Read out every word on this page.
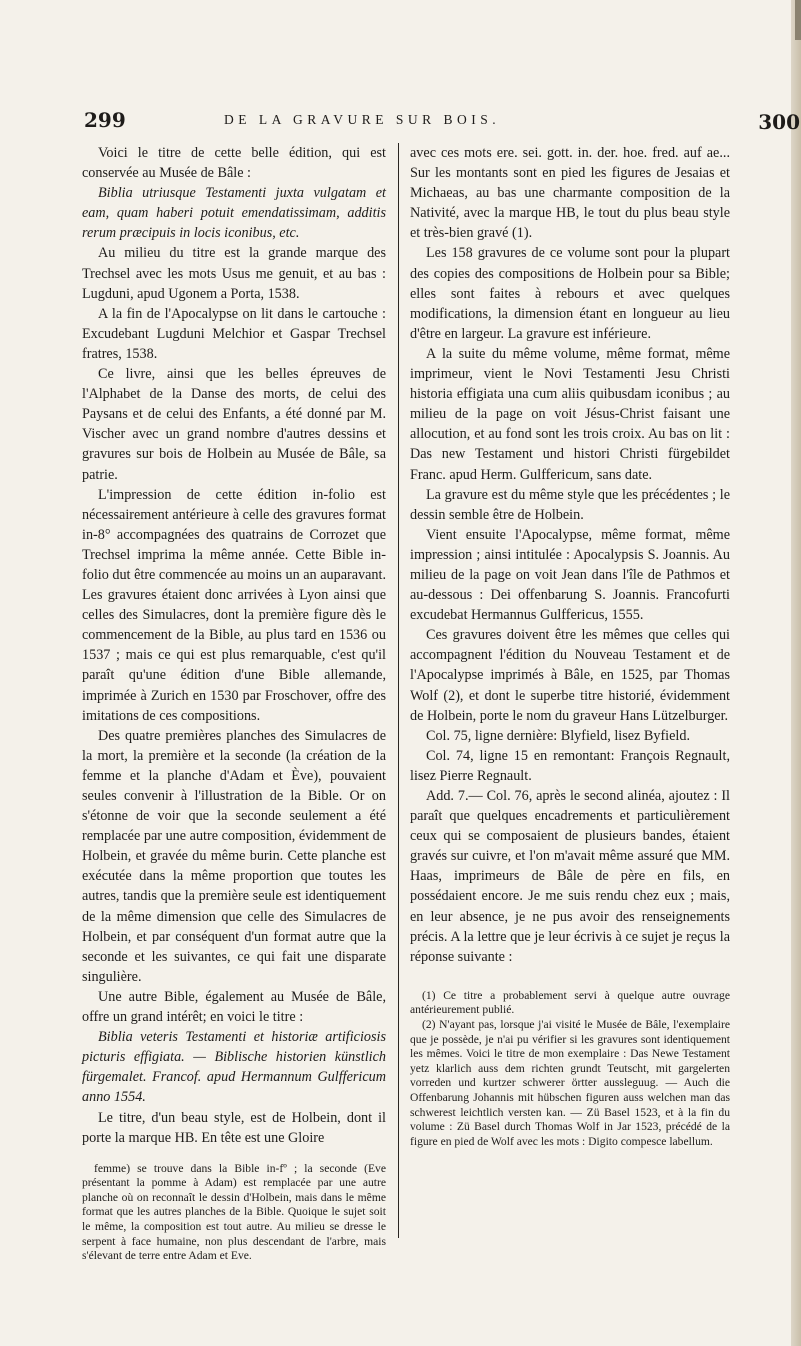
299	DE LA GRAVURE SUR BOIS.	300

Voici le titre de cette belle édition, qui est conservée au Musée de Bâle :

Biblia utriusque Testamenti juxta vulgatam et eam, quam haberi potuit emendatissimam, additis rerum præcipuis in locis iconibus, etc.

Au milieu du titre est la grande marque des Trechsel avec les mots Usus me genuit, et au bas : Lugduni, apud Ugonem a Porta, 1538.

A la fin de l'Apocalypse on lit dans le cartouche : Excudebant Lugduni Melchior et Gaspar Trechsel fratres, 1538.

Ce livre, ainsi que les belles épreuves de l'Alphabet de la Danse des morts, de celui des Paysans et de celui des Enfants, a été donné par M. Vischer avec un grand nombre d'autres dessins et gravures sur bois de Holbein au Musée de Bâle, sa patrie.

L'impression de cette édition in-folio est nécessairement antérieure à celle des gravures format in-8° accompagnées des quatrains de Corrozet que Trechsel imprima la même année. Cette Bible in-folio dut être commencée au moins un an auparavant. Les gravures étaient donc arrivées à Lyon ainsi que celles des Simulacres, dont la première figure dès le commencement de la Bible, au plus tard en 1536 ou 1537 ; mais ce qui est plus remarquable, c'est qu'il paraît qu'une édition d'une Bible allemande, imprimée à Zurich en 1530 par Froschover, offre des imitations de ces compositions.

Des quatre premières planches des Simulacres de la mort, la première et la seconde (la création de la femme et la planche d'Adam et Ève), pouvaient seules convenir à l'illustration de la Bible. Or on s'étonne de voir que la seconde seulement a été remplacée par une autre composition, évidemment de Holbein, et gravée du même burin. Cette planche est exécutée dans la même proportion que toutes les autres, tandis que la première seule est identiquement de la même dimension que celle des Simulacres de Holbein, et par conséquent d'un format autre que la seconde et les suivantes, ce qui fait une disparate singulière.

Une autre Bible, également au Musée de Bâle, offre un grand intérêt; en voici le titre :

Biblia veteris Testamenti et historiæ artificiosis picturis effigiata. — Biblische historien künstlich fürgemalet. Francof. apud Hermannum Gulffericum anno 1554.

Le titre, d'un beau style, est de Holbein, dont il porte la marque HB. En tête est une Gloire

femme) se trouve dans la Bible in-fº ; la seconde (Eve présentant la pomme à Adam) est remplacée par une autre planche où on reconnaît le dessin d'Holbein, mais dans le même format que les autres planches de la Bible. Quoique le sujet soit le même, la composition est tout autre. Au milieu se dresse le serpent à face humaine, non plus descendant de l'arbre, mais s'élevant de terre entre Adam et Eve.

avec ces mots ere. sei. gott. in. der. hoe. fred. auf ae... Sur les montants sont en pied les figures de Jesaias et Michaeas, au bas une charmante composition de la Nativité, avec la marque HB, le tout du plus beau style et très-bien gravé (1).

Les 158 gravures de ce volume sont pour la plupart des copies des compositions de Holbein pour sa Bible; elles sont faites à rebours et avec quelques modifications, la dimension étant en longueur au lieu d'être en largeur. La gravure est inférieure.

A la suite du même volume, même format, même imprimeur, vient le Novi Testamenti Jesu Christi historia effigiata una cum aliis quibusdam iconibus ; au milieu de la page on voit Jésus-Christ faisant une allocution, et au fond sont les trois croix. Au bas on lit : Das new Testament und histori Christi fürgebildet Franc. apud Herm. Gulffericum, sans date.

La gravure est du même style que les précédentes ; le dessin semble être de Holbein.

Vient ensuite l'Apocalypse, même format, même impression ; ainsi intitulée : Apocalypsis S. Joannis. Au milieu de la page on voit Jean dans l'île de Pathmos et au-dessous : Dei offenbarung S. Joannis. Francofurti excudebat Hermannus Gulffericus, 1555.

Ces gravures doivent être les mêmes que celles qui accompagnent l'édition du Nouveau Testament et de l'Apocalypse imprimés à Bâle, en 1525, par Thomas Wolf (2), et dont le superbe titre historié, évidemment de Holbein, porte le nom du graveur Hans Lützelburger.

Col. 75, ligne dernière: Blyfield, lisez Byfield.

Col. 74, ligne 15 en remontant: François Regnault, lisez Pierre Regnault.

Add. 7.— Col. 76, après le second alinéa, ajoutez : Il paraît que quelques encadrements et particulièrement ceux qui se composaient de plusieurs bandes, étaient gravés sur cuivre, et l'on m'avait même assuré que MM. Haas, imprimeurs de Bâle de père en fils, en possédaient encore. Je me suis rendu chez eux ; mais, en leur absence, je ne pus avoir des renseignements précis. A la lettre que je leur écrivis à ce sujet je reçus la réponse suivante :

(1) Ce titre a probablement servi à quelque autre ouvrage antérieurement publié.

(2) N'ayant pas, lorsque j'ai visité le Musée de Bâle, l'exemplaire que je possède, je n'ai pu vérifier si les gravures sont identiquement les mêmes. Voici le titre de mon exemplaire : Das Newe Testament yetz klarlich auss dem richten grundt Teutscht, mit gargelerten vorreden und kurtzer schwerer örtter aussleguug. — Auch die Offenbarung Johannis mit hübschen figuren auss welchen man das schwerest leichtlich versten kan. — Zü Basel 1523, et à la fin du volume : Zü Basel durch Thomas Wolf in Jar 1523, précédé de la figure en pied de Wolf avec les mots : Digito compesce labellum.
